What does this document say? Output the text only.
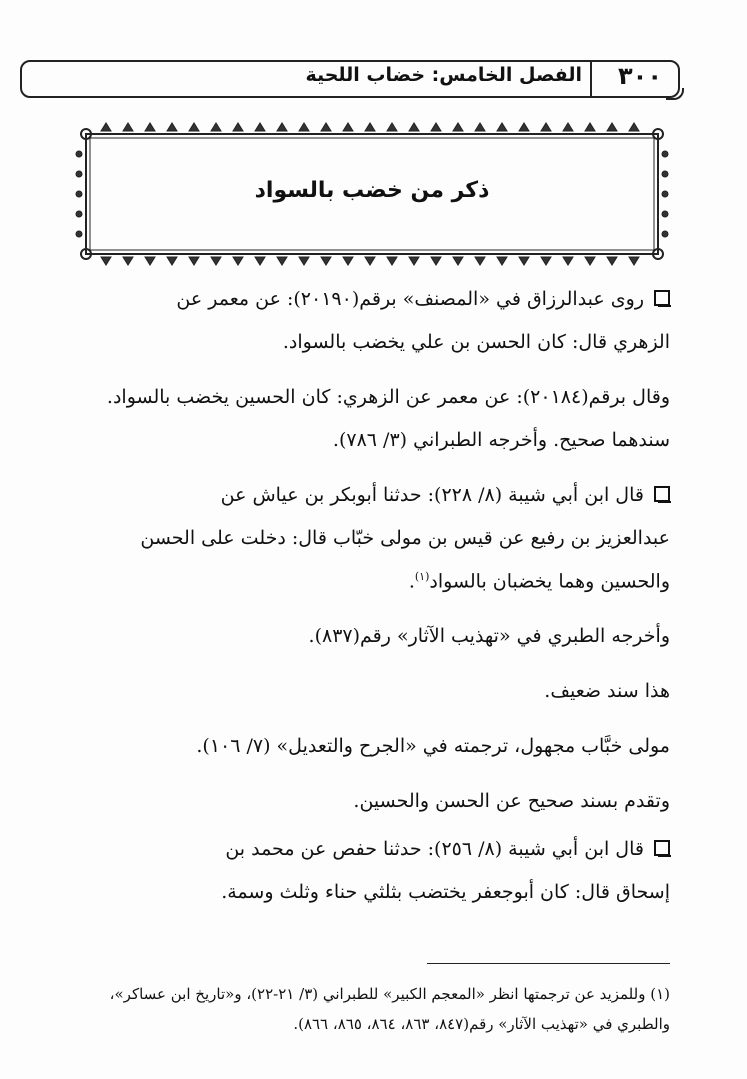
الفصل الخامس: خضاب اللحية	٣٠٠
ذكر من خضب بالسواد
روى عبدالرزاق في «المصنف» برقم(٢٠١٩٠): عن معمر عن
الزهري قال: كان الحسن بن علي يخضب بالسواد.
وقال برقم(٢٠١٨٤): عن معمر عن الزهري: كان الحسين يخضب بالسواد.
سندهما صحيح. وأخرجه الطبراني (٣/ ٧٨٦).
قال ابن أبي شيبة (٨/ ٢٢٨): حدثنا أبوبكر بن عياش عن
عبدالعزيز بن رفيع عن قيس بن مولى خبّاب قال: دخلت على الحسن
والحسين وهما يخضبان بالسواد$^{(١)}$.
وأخرجه الطبري في «تهذيب الآثار» رقم(٨٣٧).
هذا سند ضعيف.
مولى خبَّاب مجهول، ترجمته في «الجرح والتعديل» (٧/ ١٠٦).
وتقدم بسند صحيح عن الحسن والحسين.
قال ابن أبي شيبة (٨/ ٢٥٦): حدثنا حفص عن محمد بن
إسحاق قال: كان أبوجعفر يختضب بثلثي حناء وثلث وسمة.
(١) وللمزيد عن ترجمتها انظر «المعجم الكبير» للطبراني (٣/ ٢١-٢٢)، و«تاريخ ابن عساكر»،
والطبري في «تهذيب الآثار» رقم(٨٤٧، ٨٦٣، ٨٦٤، ٨٦٥، ٨٦٦).
